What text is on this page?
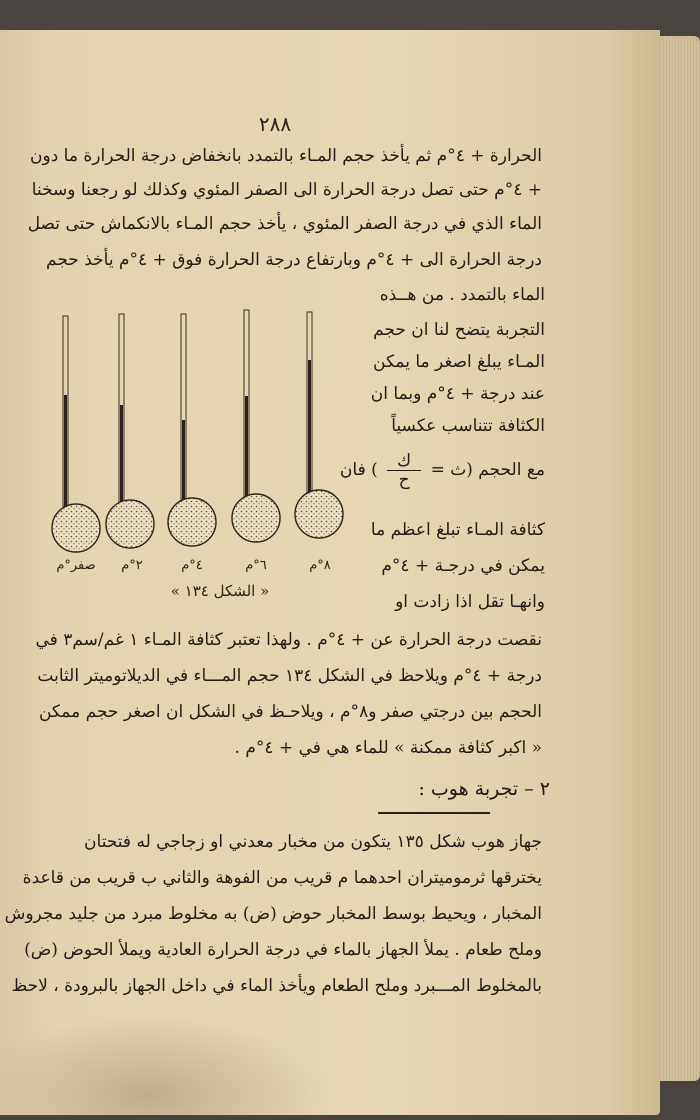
٢٨٨
الحرارة + ٤°م ثم يأخذ حجم المـاء بالتمدد بانخفاض درجة الحرارة ما دون
+ ٤°م حتى تصل درجة الحرارة الى الصفر المئوي وكذلك لو رجعنا وسخنا
الماء الذي في درجة الصفر المئوي ، يأخذ حجم المـاء بالانكماش حتى تصل
درجة الحرارة الى + ٤°م وبارتفاع درجة الحرارة فوق + ٤°م يأخذ حجم
الماء بالتمدد . من هــذه
التجربة يتضح لنا ان حجم
المـاء يبلغ اصغر ما يمكن
عند درجة + ٤°م وبما ان
الكثافة تتناسب عكسياً
مع الحجم (ث =
$\frac{\text{ك}}{\text{ح}}$
) فان
كثافة المـاء تبلغ اعظم ما
يمكن في درجـة + ٤°م
وانهـا تقل اذا زادت او
صفر°م	٢°م	٤°م	٦°م	٨°م
« الشكل ١٣٤ »
نقصت درجة الحرارة عن + ٤°م . ولهذا تعتبر كثافة المـاء ١ غم/سم٣ في
درجة + ٤°م ويلاحظ في الشكل ١٣٤ حجم المـــاء في الديلاتوميتر الثابت
الحجم بين درجتي صفر و٨°م ، ويلاحـظ في الشكل ان اصغر حجم ممكن
« اكبر كثافة ممكنة » للماء هي في + ٤°م .
٢ – تجربة هوب :
جهاز هوب شكل ١٣٥ يتكون من مخبار معدني او زجاجي له فتحتان
يخترقها ثرموميتران احدهما م قريب من الفوهة والثاني ب قريب من قاعدة
المخبار ، ويحيط بوسط المخبار حوض (ض) به مخلوط مبرد من جليد مجروش
وملح طعام . يملأ الجهاز بالماء في درجة الحرارة العادية ويملأ الحوض (ض)
بالمخلوط المـــبرد وملح الطعام ويأخذ الماء في داخل الجهاز بالبرودة ، لاحظ
